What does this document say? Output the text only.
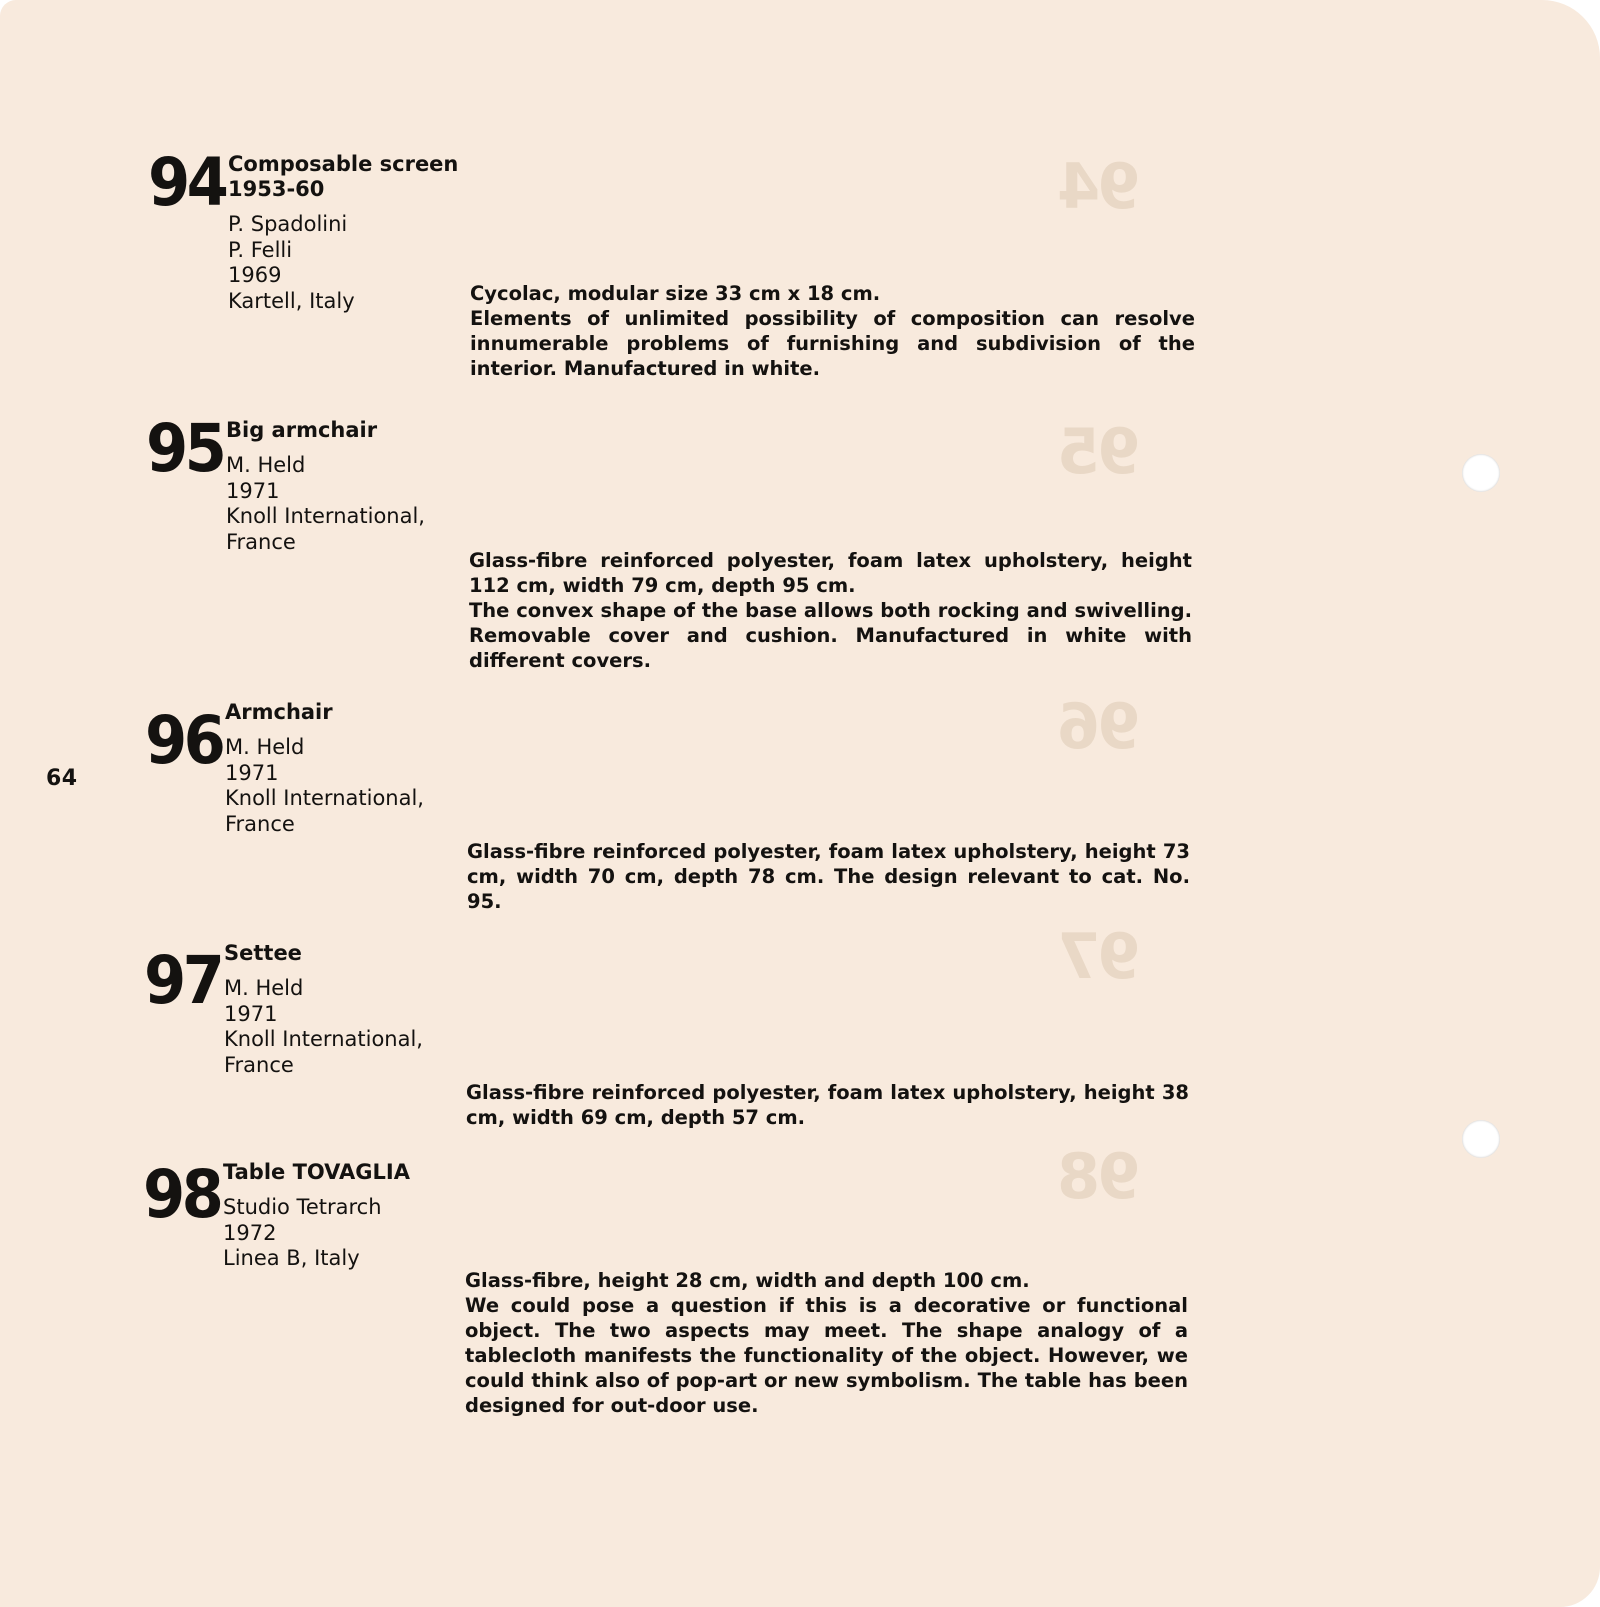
94
95
96
97
98
64
94 Composable screen
1953-60
P. Spadolini
P. Felli
1969
Kartell, Italy	Cycolac, modular size 33 cm x 18 cm.

Elements of unlimited possibility of composition can resolve innumerable problems of furnishing and subdivision of the interior. Manufactured in white.

95 Big armchair
M. Held
1971
Knoll International,
France

Glass-fibre reinforced polyester, foam latex upholstery, height 112 cm, width 79 cm, depth 95 cm.

The convex shape of the base allows both rocking and swivelling. Removable cover and cushion. Manufactured in white with different covers.

96 Armchair
M. Held
1971
Knoll International,
France

Glass-fibre reinforced polyester, foam latex upholstery, height 73 cm, width 70 cm, depth 78 cm. The design relevant to cat. No. 95.

97 Settee
M. Held
1971
Knoll International,
France

Glass-fibre reinforced polyester, foam latex upholstery, height 38 cm, width 69 cm, depth 57 cm.

98 Table TOVAGLIA
Studio Tetrarch
1972
Linea B, Italy

Glass-fibre, height 28 cm, width and depth 100 cm.

We could pose a question if this is a decorative or functional object. The two aspects may meet. The shape analogy of a tablecloth manifests the functionality of the object. However, we could think also of pop-art or new symbolism. The table has been designed for out-door use.
